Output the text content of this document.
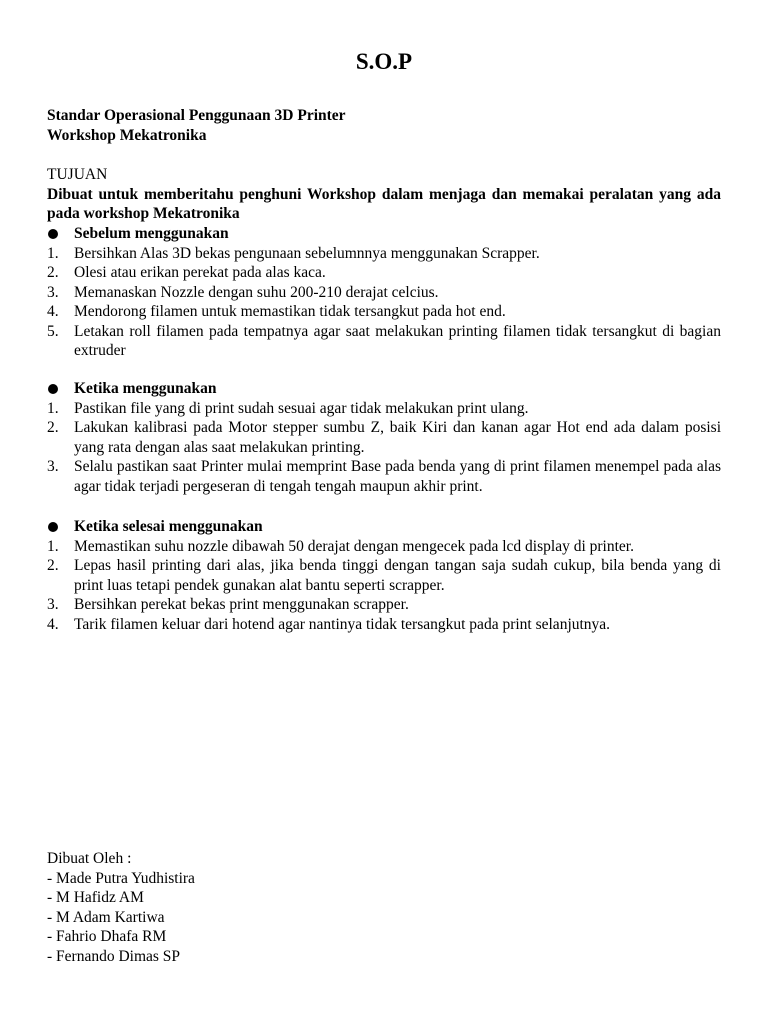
S.O.P
Standar Operasional Penggunaan 3D Printer
Workshop Mekatronika
TUJUAN
Dibuat untuk memberitahu penghuni Workshop dalam menjaga dan memakai peralatan yang ada pada workshop Mekatronika
Sebelum menggunakan
1. Bersihkan Alas 3D bekas pengunaan sebelumnnya menggunakan Scrapper.
2. Olesi atau erikan perekat pada alas kaca.
3. Memanaskan Nozzle dengan suhu 200-210 derajat celcius.
4. Mendorong filamen untuk memastikan tidak tersangkut pada hot end.
5. Letakan roll filamen pada tempatnya agar saat melakukan printing filamen tidak tersangkut di bagian extruder
Ketika menggunakan
1. Pastikan file yang di print sudah sesuai agar tidak melakukan print ulang.
2. Lakukan kalibrasi pada Motor stepper sumbu Z, baik Kiri dan kanan agar Hot end ada dalam posisi yang rata dengan alas saat melakukan printing.
3. Selalu pastikan saat Printer mulai memprint Base pada benda yang di print filamen menempel pada alas agar tidak terjadi pergeseran di tengah tengah maupun akhir print.
Ketika selesai menggunakan
1. Memastikan suhu nozzle dibawah 50 derajat dengan mengecek pada lcd display di printer.
2. Lepas hasil printing dari alas, jika benda tinggi dengan tangan saja sudah cukup, bila benda yang di print luas tetapi pendek gunakan alat bantu seperti scrapper.
3. Bersihkan perekat bekas print menggunakan scrapper.
4. Tarik filamen keluar dari hotend agar nantinya tidak tersangkut pada print selanjutnya.
Dibuat Oleh :
- Made Putra Yudhistira
- M Hafidz AM
- M Adam Kartiwa
- Fahrio Dhafa RM
- Fernando Dimas SP
